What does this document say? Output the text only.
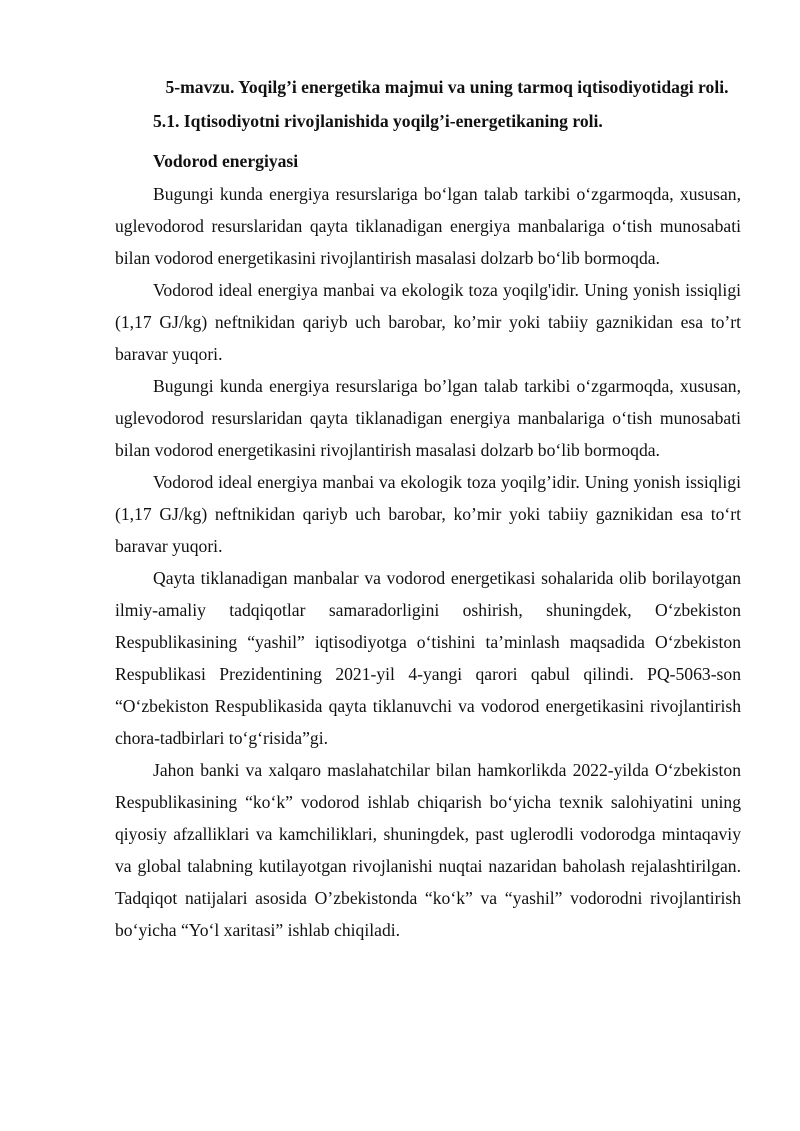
5-mavzu. Yoqilg’i energetika majmui va uning tarmoq iqtisodiyotidagi roli.
5.1. Iqtisodiyotni rivojlanishida yoqilg’i-energetikaning roli.
Vodorod energiyasi

Bugungi kunda energiya resurslariga bo‘lgan talab tarkibi o‘zgarmoqda, xususan, uglevodorod resurslaridan qayta tiklanadigan energiya manbalariga o‘tish munosabati bilan vodorod energetikasini rivojlantirish masalasi dolzarb bo‘lib bormoqda.

Vodorod ideal energiya manbai va ekologik toza yoqilg'idir. Uning yonish issiqligi (1,17 GJ/kg) neftnikidan qariyb uch barobar, ko’mir yoki tabiiy gaznikidan esa to’rt baravar yuqori.

Bugungi kunda energiya resurslariga bo’lgan talab tarkibi o‘zgarmoqda, xususan, uglevodorod resurslaridan qayta tiklanadigan energiya manbalariga o‘tish munosabati bilan vodorod energetikasini rivojlantirish masalasi dolzarb bo‘lib bormoqda.

Vodorod ideal energiya manbai va ekologik toza yoqilg’idir. Uning yonish issiqligi (1,17 GJ/kg) neftnikidan qariyb uch barobar, ko’mir yoki tabiiy gaznikidan esa to‘rt baravar yuqori.

Qayta tiklanadigan manbalar va vodorod energetikasi sohalarida olib borilayotgan ilmiy-amaliy tadqiqotlar samaradorligini oshirish, shuningdek, O‘zbekiston Respublikasining “yashil” iqtisodiyotga o‘tishini ta’minlash maqsadida O‘zbekiston Respublikasi Prezidentining 2021-yil 4-yangi qarori qabul qilindi. PQ-5063-son “O‘zbekiston Respublikasida qayta tiklanuvchi va vodorod energetikasini rivojlantirish chora-tadbirlari to‘g‘risida”gi.

Jahon banki va xalqaro maslahatchilar bilan hamkorlikda 2022-yilda O‘zbekiston Respublikasining “ko‘k” vodorod ishlab chiqarish bo‘yicha texnik salohiyatini uning qiyosiy afzalliklari va kamchiliklari, shuningdek, past uglerodli vodorodga mintaqaviy va global talabning kutilayotgan rivojlanishi nuqtai nazaridan baholash rejalashtirilgan. Tadqiqot natijalari asosida O’zbekistonda “ko‘k” va “yashil” vodorodni rivojlantirish bo‘yicha “Yo‘l xaritasi” ishlab chiqiladi.
